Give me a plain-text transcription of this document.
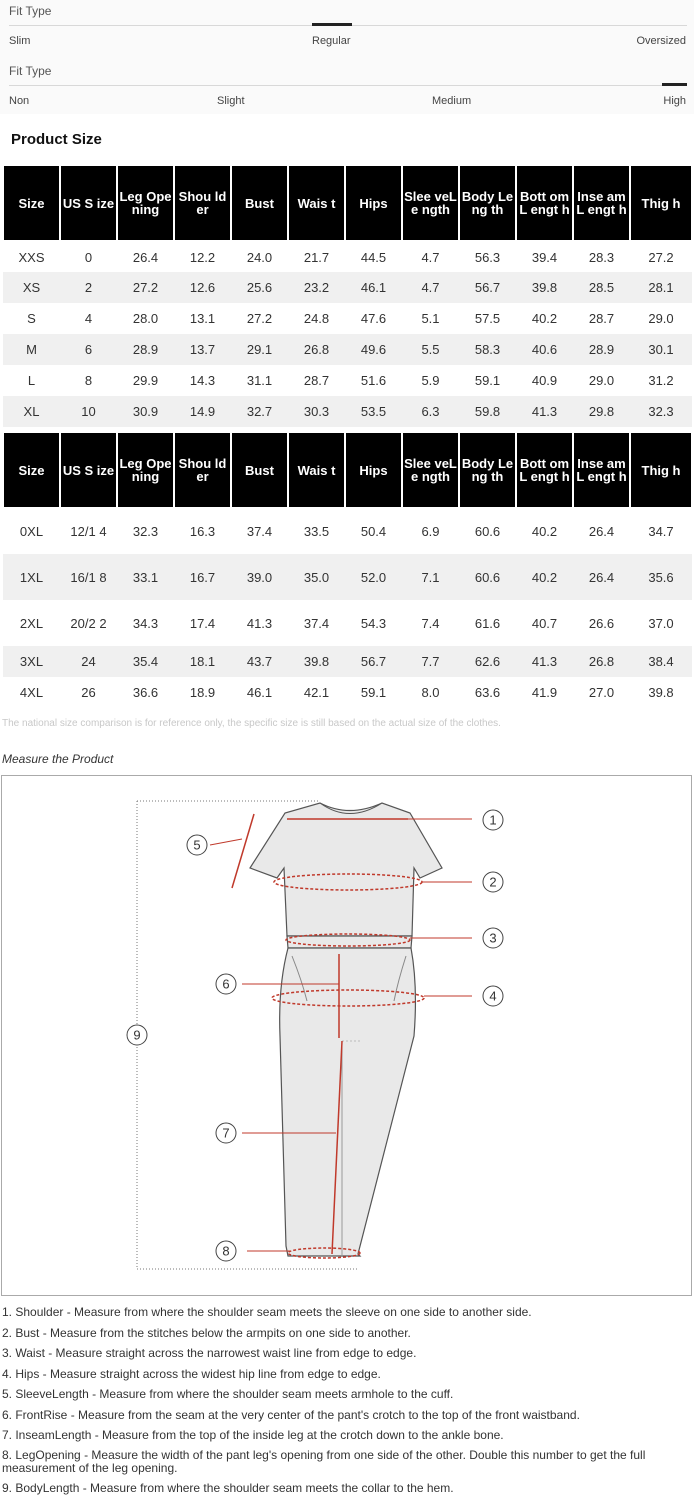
Fit Type
Slim	Regular	Oversized
Fit Type
Non	Slight	Medium	High
Product Size
Size	US S ize	Leg Ope ning	Shou lder	Bust	Wais t	Hips	Slee veLe ngth	Body Leng th	Bott omL engt h	Inse amL engt h	Thig h
XXS	0	26.4	12.2	24.0	21.7	44.5	4.7	56.3	39.4	28.3	27.2
XS	2	27.2	12.6	25.6	23.2	46.1	4.7	56.7	39.8	28.5	28.1
S	4	28.0	13.1	27.2	24.8	47.6	5.1	57.5	40.2	28.7	29.0
M	6	28.9	13.7	29.1	26.8	49.6	5.5	58.3	40.6	28.9	30.1
L	8	29.9	14.3	31.1	28.7	51.6	5.9	59.1	40.9	29.0	31.2
XL	10	30.9	14.9	32.7	30.3	53.5	6.3	59.8	41.3	29.8	32.3
Size	US S ize	Leg Ope ning	Shou lder	Bust	Wais t	Hips	Slee veLe ngth	Body Leng th	Bott omL engt h	Inse amL engt h	Thig h
0XL	12/1 4	32.3	16.3	37.4	33.5	50.4	6.9	60.6	40.2	26.4	34.7
1XL	16/1 8	33.1	16.7	39.0	35.0	52.0	7.1	60.6	40.2	26.4	35.6
2XL	20/2 2	34.3	17.4	41.3	37.4	54.3	7.4	61.6	40.7	26.6	37.0
3XL	24	35.4	18.1	43.7	39.8	56.7	7.7	62.6	41.3	26.8	38.4
4XL	26	36.6	18.9	46.1	42.1	59.1	8.0	63.6	41.9	27.0	39.8
The national size comparison is for reference only, the specific size is still based on the actual size of the clothes.
Measure the Product
1
2
3
4
5
6
7
8
9

1. Shoulder - Measure from where the shoulder seam meets the sleeve on one side to another side.

2. Bust - Measure from the stitches below the armpits on one side to another.

3. Waist - Measure straight across the narrowest waist line from edge to edge.

4. Hips - Measure straight across the widest hip line from edge to edge.

5. SleeveLength - Measure from where the shoulder seam meets armhole to the cuff.

6. FrontRise - Measure from the seam at the very center of the pant's crotch to the top of the front waistband.

7. InseamLength - Measure from the top of the inside leg at the crotch down to the ankle bone.

8. LegOpening - Measure the width of the pant leg's opening from one side of the other. Double this number to get the full measurement of the leg opening.

9. BodyLength - Measure from where the shoulder seam meets the collar to the hem.
